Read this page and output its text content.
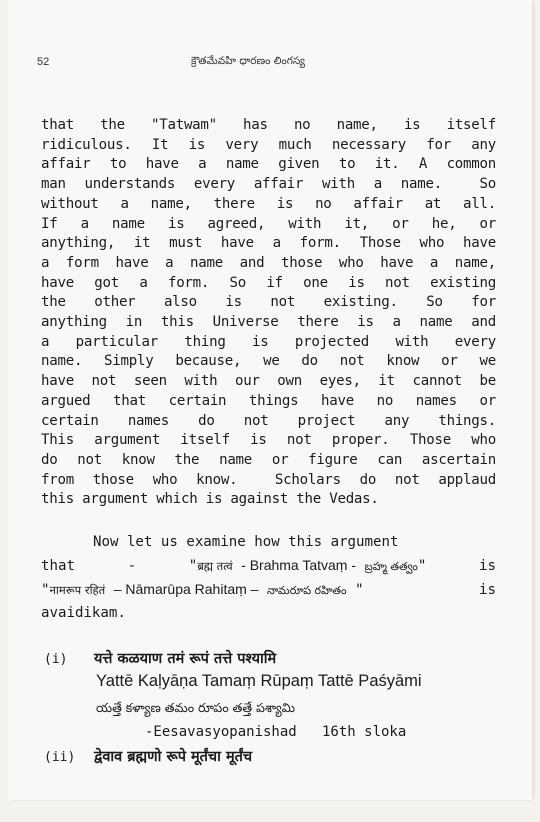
52	క్రౌతమేవహి ధారణం లింగస్య
that the "Tatwam" has no name, is itself
ridiculous. It is very much necessary for any
affair to have a name given to it. A common
man understands every affair with a name.  So
without a name, there is no affair at all.
If a name is agreed, with it, or he, or
anything, it must have a form. Those who have
a form have a name and those who have a name,
have got a form. So if one is not existing
the other also is not existing. So for
anything in this Universe there is a name and
a particular thing is projected with every
name. Simply because, we do not know or we
have not seen with our own eyes, it cannot be
argued that certain things have no names or
certain names do not project any things.
This argument itself is not proper. Those who
do not know the name or figure can ascertain
from those who know.  Scholars do not applaud
this argument which is against the Vedas.
Now let us examine how this argument
that	-	"ब्रह्म तत्वं - Brahma Tatvaṃ - బ్రహ్మ తత్వం"	is
"नामरूप रहितं – Nāmarūpa Rahitaṃ – నామరూప రహితం "	is
avaidikam.
(i) यत्ते कळयाण तमं रूपं तत्ते पश्यामि
Yattē Kaḷyāṇa Tamaṃ Rūpaṃ Tattē Paśyāmi
యత్తే కళ్యాణ తమం రూపం తత్తే పశ్యామి
-Eesavasyopanishad   16th sloka
(ii) द्वेवाव ब्रह्मणो रूपे मूर्तंचा मूर्तंच
